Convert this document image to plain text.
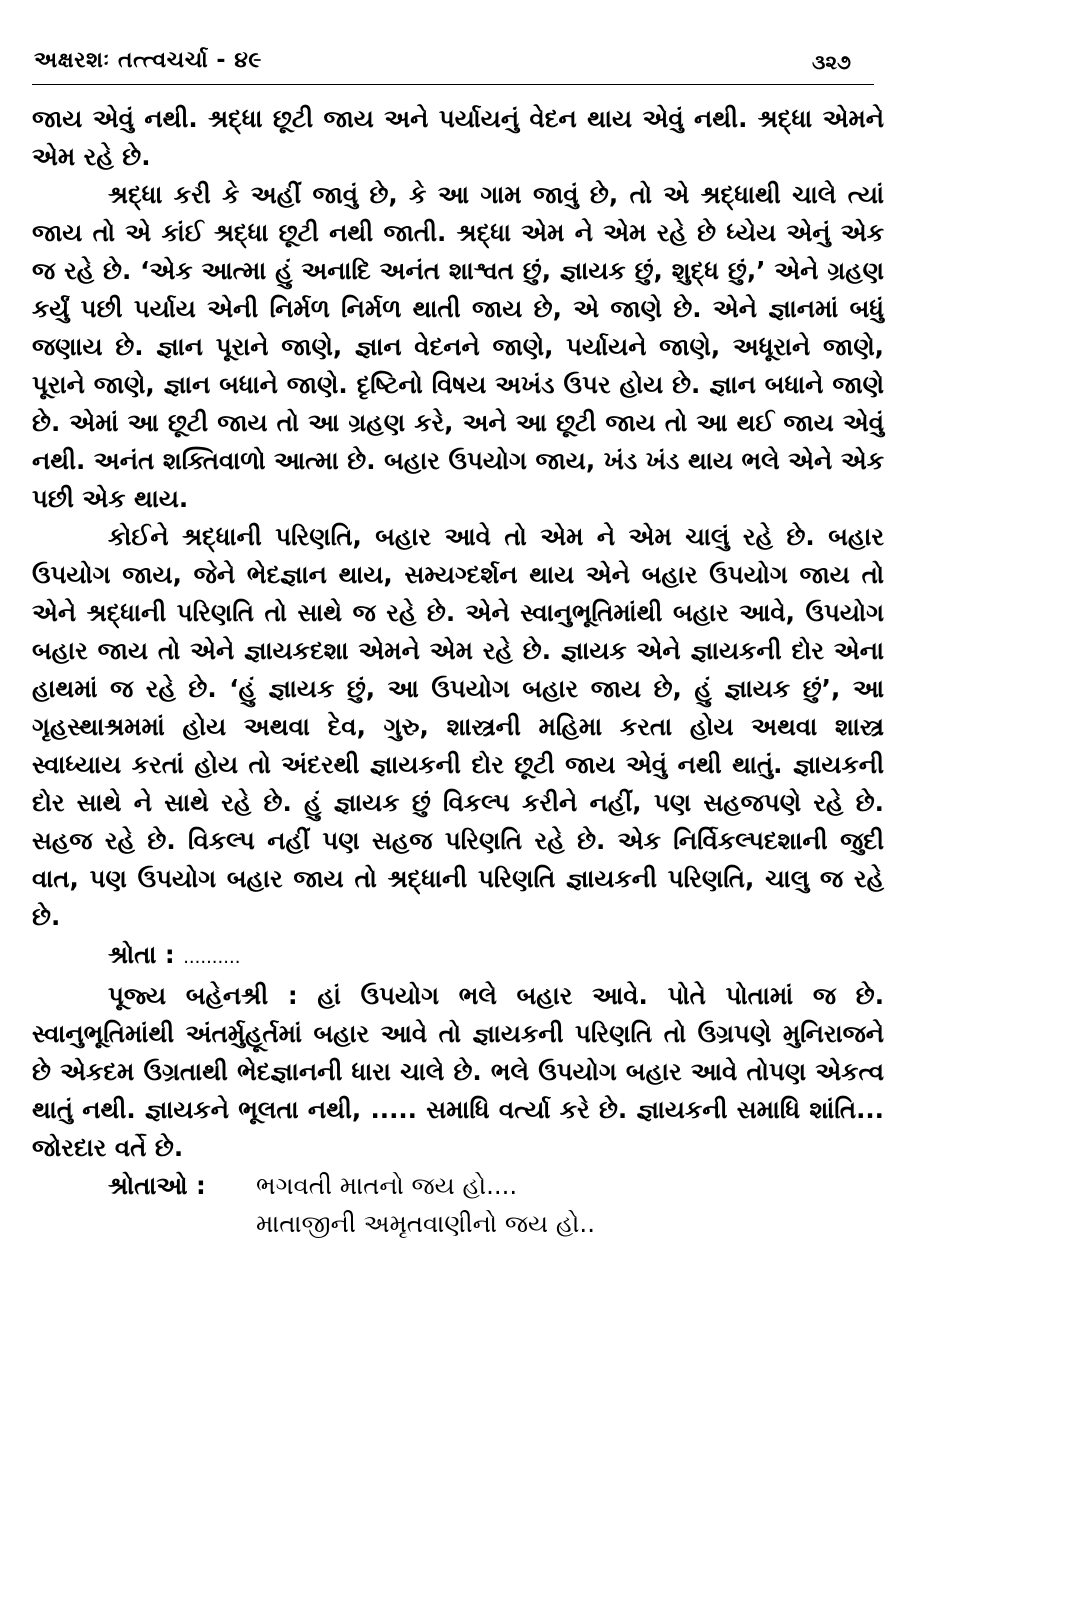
અક્ષરશઃ તત્ત્વચર્ચા - ૪૯	૩૨૭

જાય એવું નથી. શ્રદ્ધા છૂટી જાય અને પર્યાયનું વેદન થાય એવું નથી. શ્રદ્ધા એમને એમ રહે છે.

શ્રદ્ધા કરી કે અહીં જાવું છે, કે આ ગામ જાવું છે, તો એ શ્રદ્ધાથી ચાલે ત્યાં જાય તો એ કાંઈ શ્રદ્ધા છૂટી નથી જાતી. શ્રદ્ધા એમ ને એમ રહે છે ધ્યેય એનું એક જ રહે છે. ‘એક આત્મા હું અનાદિ અનંત શાશ્વત છું, જ્ઞાયક છું, શુદ્ધ છું,’ એને ગ્રહણ કર્યું પછી પર્યાય એની નિર્મળ નિર્મળ થાતી જાય છે, એ જાણે છે. એને જ્ઞાનમાં બધું જણાય છે. જ્ઞાન પૂરાને જાણે, જ્ઞાન વેદનને જાણે, પર્યાયને જાણે, અધૂરાને જાણે, પૂરાને જાણે, જ્ઞાન બધાને જાણે. દૃષ્ટિનો વિષય અખંડ ઉપર હોય છે. જ્ઞાન બધાને જાણે છે. એમાં આ છૂટી જાય તો આ ગ્રહણ કરે, અને આ છૂટી જાય તો આ થઈ જાય એવું નથી. અનંત શક્તિવાળો આત્મા છે. બહાર ઉપયોગ જાય, ખંડ ખંડ થાય ભલે એને એક પછી એક થાય.

કોઈને શ્રદ્ધાની પરિણતિ, બહાર આવે તો એમ ને એમ ચાલું રહે છે. બહાર ઉપયોગ જાય, જેને ભેદજ્ઞાન થાય, સમ્યગ્દર્શન થાય એને બહાર ઉપયોગ જાય તો એને શ્રદ્ધાની પરિણતિ તો સાથે જ રહે છે. એને સ્વાનુભૂતિમાંથી બહાર આવે, ઉપયોગ બહાર જાય તો એને જ્ઞાયકદશા એમને એમ રહે છે. જ્ઞાયક એને જ્ઞાયકની દોર એના હાથમાં જ રહે છે. ‘હું જ્ઞાયક છું, આ ઉપયોગ બહાર જાય છે, હું જ્ઞાયક છું’, આ ગૃહસ્થાશ્રમમાં હોય અથવા દેવ, ગુરુ, શાસ્ત્રની મહિમા કરતા હોય અથવા શાસ્ત્ર સ્વાધ્યાય કરતાં હોય તો અંદરથી જ્ઞાયકની દોર છૂટી જાય એવું નથી થાતું. જ્ઞાયકની દોર સાથે ને સાથે રહે છે. હું જ્ઞાયક છું વિકલ્પ કરીને નહીં, પણ સહજપણે રહે છે. સહજ રહે છે. વિકલ્પ નહીં પણ સહજ પરિણતિ રહે છે. એક નિર્વિકલ્પદશાની જુદી વાત, પણ ઉપયોગ બહાર જાય તો શ્રદ્ધાની પરિણતિ જ્ઞાયકની પરિણતિ, ચાલુ જ રહે છે.

શ્રોતા : ..........

પૂજ્ય બહેનશ્રી : હાં ઉપયોગ ભલે બહાર આવે. પોતે પોતામાં જ છે. સ્વાનુભૂતિમાંથી અંતર્મુહૂર્તમાં બહાર આવે તો જ્ઞાયકની પરિણતિ તો ઉગ્રપણે મુનિરાજને છે એકદમ ઉગ્રતાથી ભેદજ્ઞાનની ધારા ચાલે છે. ભલે ઉપયોગ બહાર આવે તોપણ એકત્વ થાતું નથી. જ્ઞાયકને ભૂલતા નથી, ..... સમાધિ વર્ત્યા કરે છે. જ્ઞાયકની સમાધિ શાંતિ... જોરદાર વર્તે છે.

શ્રોતાઓ :	ભગવતી માતનો જય હો....
માતાજીની અમૃતવાણીનો જય હો..
